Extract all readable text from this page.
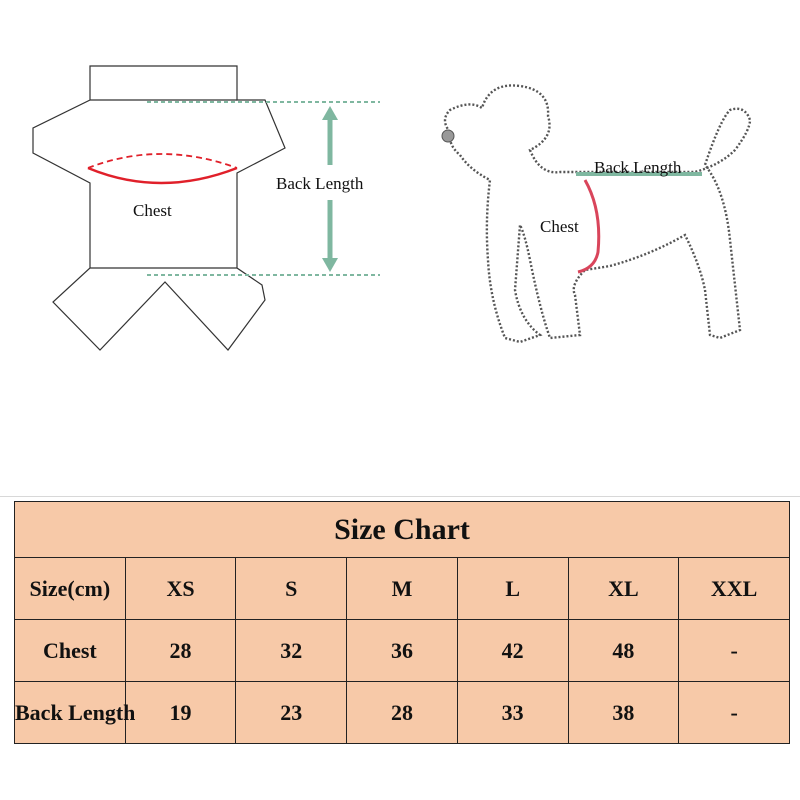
Chest
Back Length
Back Length
Chest
Size Chart						
Size(cm)	XS	S	M	L	XL	XXL
Chest	28	32	36	42	48	-
Back Length	19	23	28	33	38	-
